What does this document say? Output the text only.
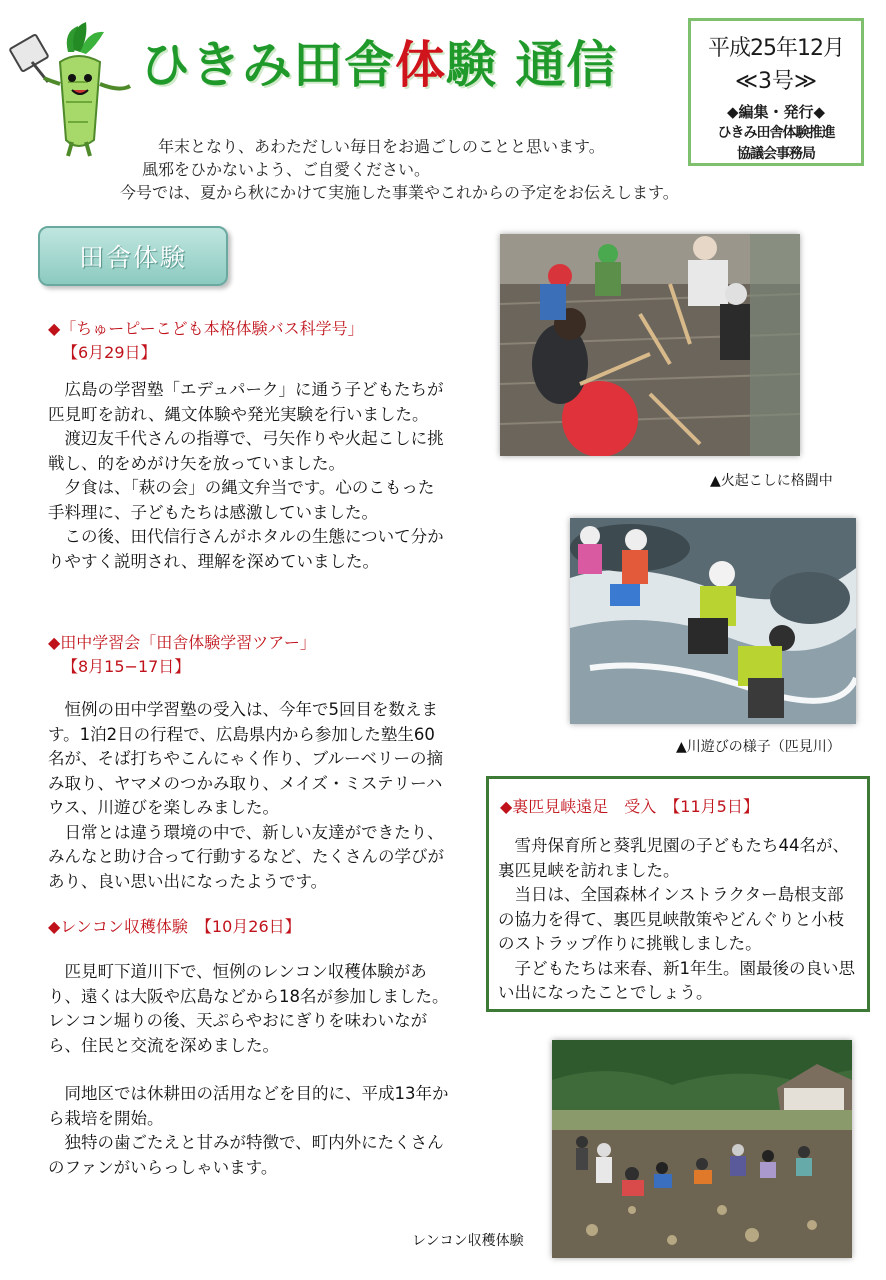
ひきみ田舎体験 通信	平成25年12月
≪3号≫
◆編集・発行◆
ひきみ田舎体験推進
協議会事務局
年末となり、あわただしい毎日をお過ごしのことと思います。
風邪をひかないよう、ご自愛ください。
今号では、夏から秋にかけて実施した事業やこれからの予定をお伝えします。
田舎体験
◆「ちゅーピーこども本格体験バス科学号」
【6月29日】

広島の学習塾「エデュパーク」に通う子どもたちが匹見町を訪れ、縄文体験や発光実験を行いました。

渡辺友千代さんの指導で、弓矢作りや火起こしに挑戦し、的をめがけ矢を放っていました。

夕食は、「萩の会」の縄文弁当です。心のこもった手料理に、子どもたちは感激していました。

この後、田代信行さんがホタルの生態について分かりやすく説明され、理解を深めていました。

◆田中学習会「田舎体験学習ツアー」
【8月15−17日】

恒例の田中学習塾の受入は、今年で5回目を数えます。1泊2日の行程で、広島県内から参加した塾生60名が、そば打ちやこんにゃく作り、ブルーベリーの摘み取り、ヤマメのつかみ取り、メイズ・ミステリーハウス、川遊びを楽しみました。

日常とは違う環境の中で、新しい友達ができたり、みんなと助け合って行動するなど、たくさんの学びがあり、良い思い出になったようです。

◆レンコン収穫体験　【10月26日】

匹見町下道川下で、恒例のレンコン収穫体験があり、遠くは大阪や広島などから18名が参加しました。

レンコン堀りの後、天ぷらやおにぎりを味わいながら、住民と交流を深めました。

同地区では休耕田の活用などを目的に、平成13年から栽培を開始。

独特の歯ごたえと甘みが特徴で、町内外にたくさんのファンがいらっしゃいます。

▲火起こしに格闘中
▲川遊びの様子（匹見川）
◆裏匹見峡遠足　受入　【11月5日】

雪舟保育所と葵乳児園の子どもたち44名が、裏匹見峡を訪れました。

当日は、全国森林インストラクター島根支部の協力を得て、裏匹見峡散策やどんぐりと小枝のストラップ作りに挑戦しました。

子どもたちは来春、新1年生。園最後の良い思い出になったことでしょう。

レンコン収穫体験
